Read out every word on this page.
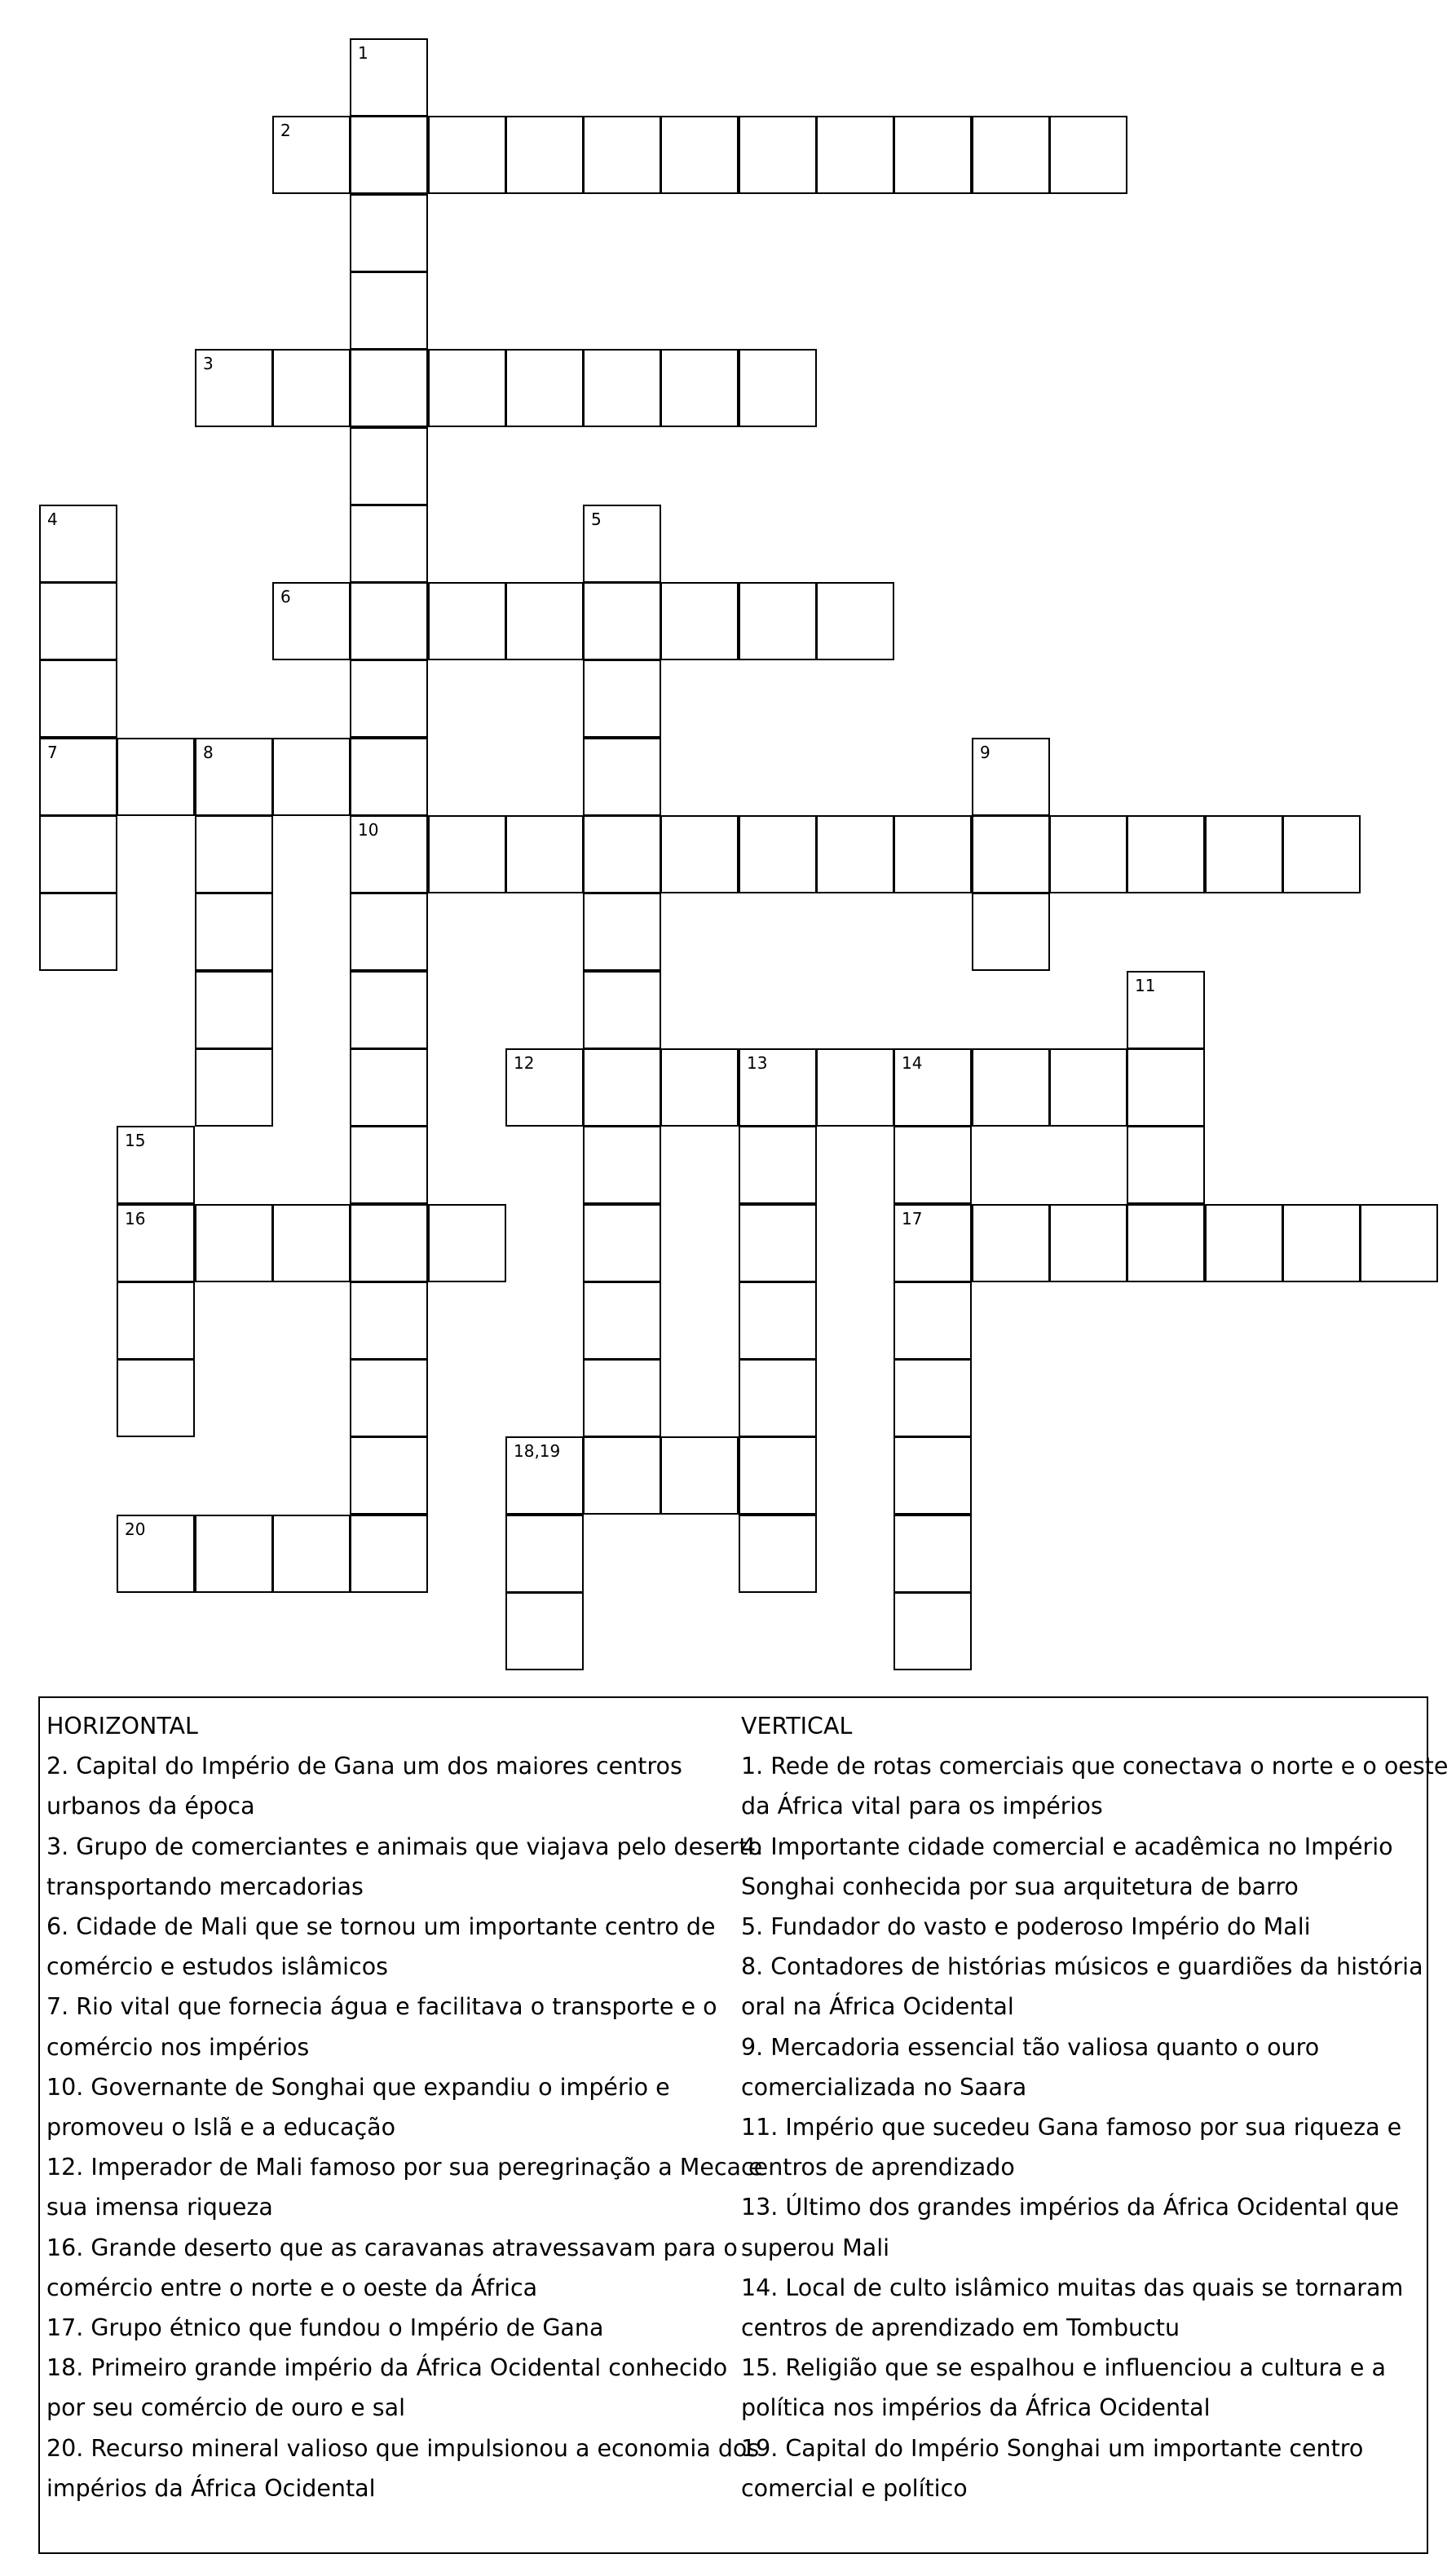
1
2
3
4	5
6
7	8	9
10
11
12	13	14
15
16	17
18,19
20
HORIZONTAL
2. Capital do Império de Gana um dos maiores centros
urbanos da época
3. Grupo de comerciantes e animais que viajava pelo deserto
transportando mercadorias
6. Cidade de Mali que se tornou um importante centro de
comércio e estudos islâmicos
7. Rio vital que fornecia água e facilitava o transporte e o
comércio nos impérios
10. Governante de Songhai que expandiu o império e
promoveu o Islã e a educação
12. Imperador de Mali famoso por sua peregrinação a Meca e
sua imensa riqueza
16. Grande deserto que as caravanas atravessavam para o
comércio entre o norte e o oeste da África
17. Grupo étnico que fundou o Império de Gana
18. Primeiro grande império da África Ocidental conhecido
por seu comércio de ouro e sal
20. Recurso mineral valioso que impulsionou a economia dos
impérios da África Ocidental
VERTICAL
1. Rede de rotas comerciais que conectava o norte e o oeste
da África vital para os impérios
4. Importante cidade comercial e acadêmica no Império
Songhai conhecida por sua arquitetura de barro
5. Fundador do vasto e poderoso Império do Mali
8. Contadores de histórias músicos e guardiões da história
oral na África Ocidental
9. Mercadoria essencial tão valiosa quanto o ouro
comercializada no Saara
11. Império que sucedeu Gana famoso por sua riqueza e
centros de aprendizado
13. Último dos grandes impérios da África Ocidental que
superou Mali
14. Local de culto islâmico muitas das quais se tornaram
centros de aprendizado em Tombuctu
15. Religião que se espalhou e influenciou a cultura e a
política nos impérios da África Ocidental
19. Capital do Império Songhai um importante centro
comercial e político
